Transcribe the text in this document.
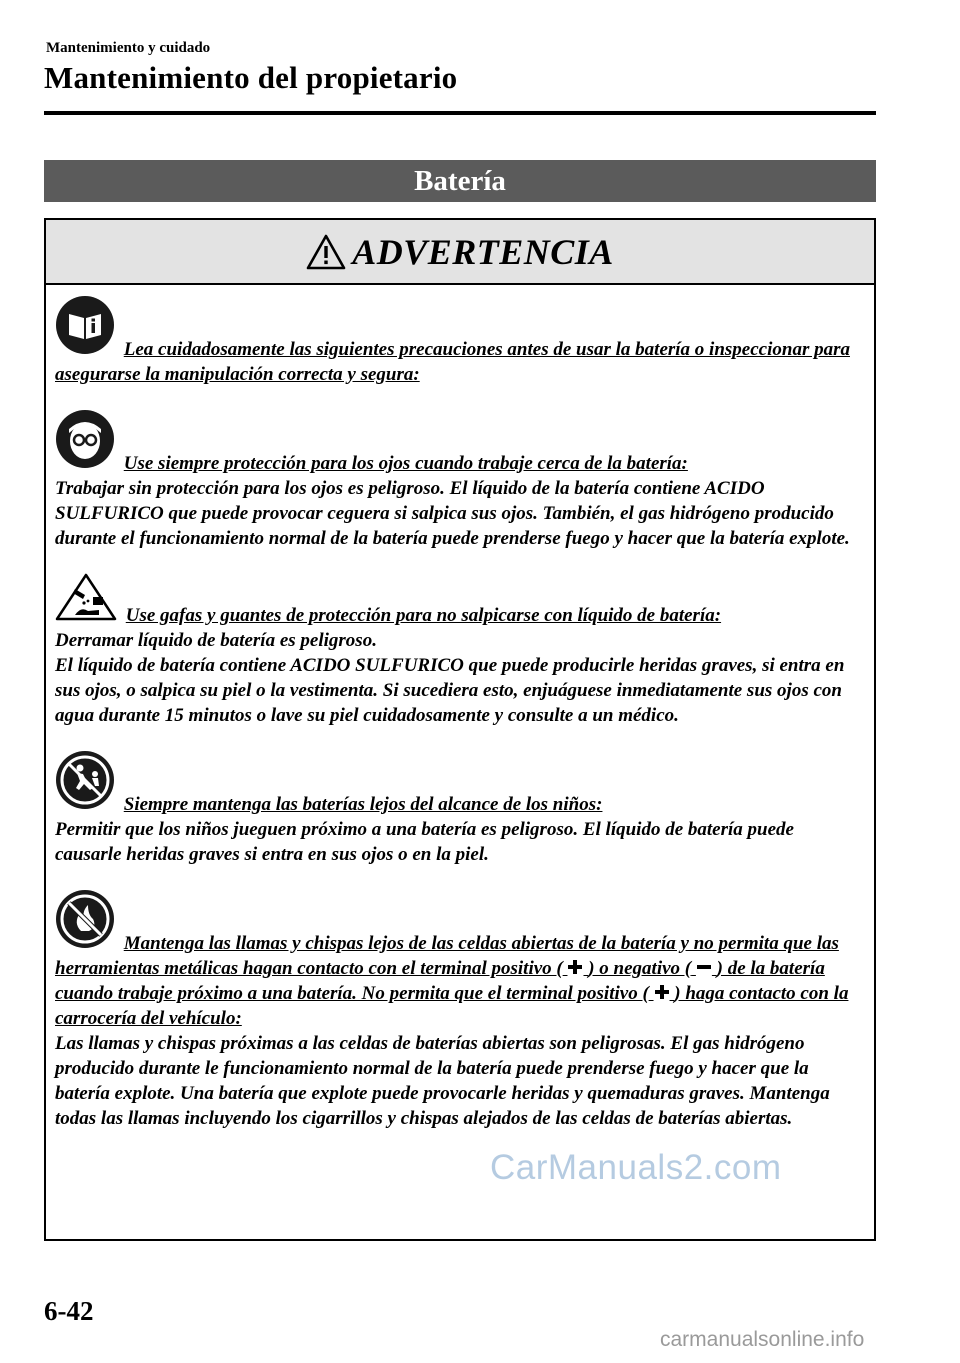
Mantenimiento y cuidado
Mantenimiento del propietario
Batería
ADVERTENCIA
Lea cuidadosamente las siguientes precauciones antes de usar la batería o inspeccionar para asegurarse la manipulación correcta y segura:
Use siempre protección para los ojos cuando trabaje cerca de la batería:
Trabajar sin protección para los ojos es peligroso. El líquido de la batería contiene ACIDO SULFURICO que puede provocar ceguera si salpica sus ojos. También, el gas hidrógeno producido durante el funcionamiento normal de la batería puede prenderse fuego y hacer que la batería explote.
Use gafas y guantes de protección para no salpicarse con líquido de batería:
Derramar líquido de batería es peligroso.
El líquido de batería contiene ACIDO SULFURICO que puede producirle heridas graves, si entra en sus ojos, o salpica su piel o la vestimenta. Si sucediera esto, enjuáguese inmediatamente sus ojos con agua durante 15 minutos o lave su piel cuidadosamente y consulte a un médico.
Siempre mantenga las baterías lejos del alcance de los niños:
Permitir que los niños jueguen próximo a una batería es peligroso. El líquido de batería puede causarle heridas graves si entra en sus ojos o en la piel.
Mantenga las llamas y chispas lejos de las celdas abiertas de la batería y no permita que las herramientas metálicas hagan contacto con el terminal positivo ( ) o negativo ( ) de la batería cuando trabaje próximo a una batería. No permita que el terminal positivo ( ) haga contacto con la carrocería del vehículo:
Las llamas y chispas próximas a las celdas de baterías abiertas son peligrosas. El gas hidrógeno producido durante le funcionamiento normal de la batería puede prenderse fuego y hacer que la batería explote. Una batería que explote puede provocarle heridas y quemaduras graves. Mantenga todas las llamas incluyendo los cigarrillos y chispas alejados de las celdas de baterías abiertas.
6-42
CarManuals2.com
carmanualsonline.info
